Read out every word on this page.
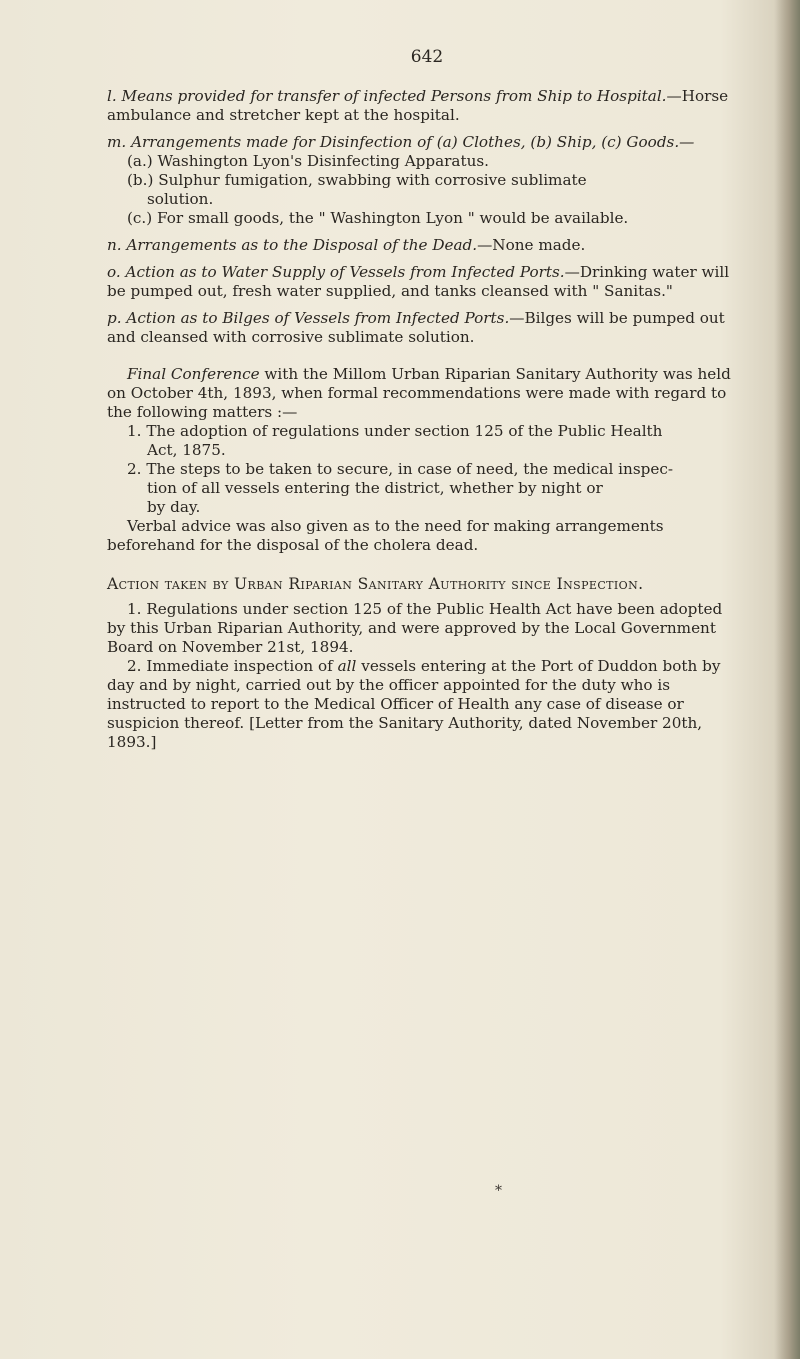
642

l. Means provided for transfer of infected Persons from Ship to Hospital.—Horse ambulance and stretcher kept at the hospital.

m. Arrangements made for Disinfection of (a) Clothes, (b) Ship, (c) Goods.—

(a.) Washington Lyon's Disinfecting Apparatus.

(b.) Sulphur fumigation, swabbing with corrosive sublimate
solution.

(c.) For small goods, the " Washington Lyon " would be available.

n. Arrangements as to the Disposal of the Dead.—None made.

o. Action as to Water Supply of Vessels from Infected Ports.—Drinking water will be pumped out, fresh water supplied, and tanks cleansed with " Sanitas."

p. Action as to Bilges of Vessels from Infected Ports.—Bilges will be pumped out and cleansed with corrosive sublimate solution.

Final Conference with the Millom Urban Riparian Sanitary Authority was held on October 4th, 1893, when formal recommendations were made with regard to the following matters :—

1. The adoption of regulations under section 125 of the Public Health
Act, 1875.

2. The steps to be taken to secure, in case of need, the medical inspec-
tion of all vessels entering the district, whether by night or
by day.

Verbal advice was also given as to the need for making arrangements beforehand for the disposal of the cholera dead.

Action taken by Urban Riparian Sanitary Authority since Inspection.

1. Regulations under section 125 of the Public Health Act have been adopted by this Urban Riparian Authority, and were approved by the Local Government Board on November 21st, 1894.

2. Immediate inspection of all vessels entering at the Port of Duddon both by day and by night, carried out by the officer appointed for the duty who is instructed to report to the Medical Officer of Health any case of disease or suspicion thereof. [Letter from the Sanitary Authority, dated November 20th, 1893.]

*
